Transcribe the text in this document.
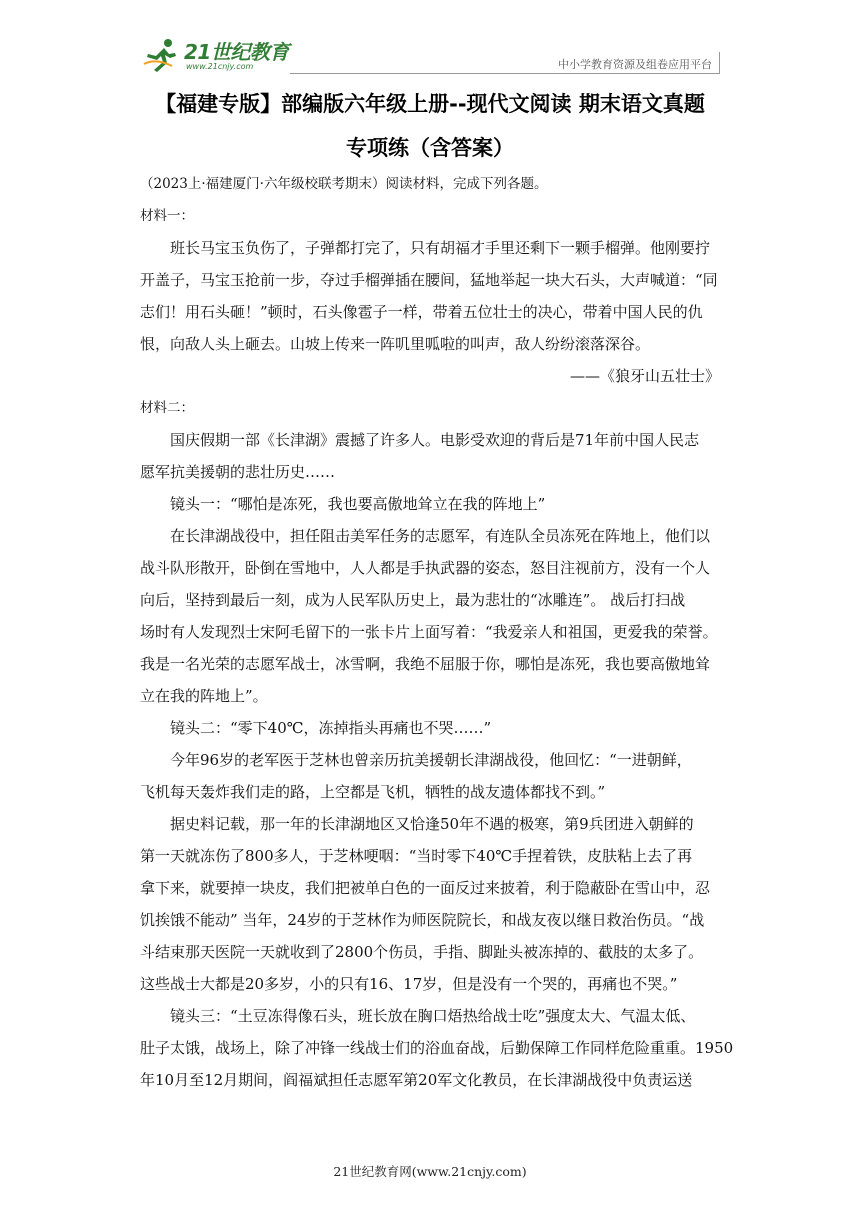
21世纪教育
www.21cnjy.com	中小学教育资源及组卷应用平台
【福建专版】部编版六年级上册--现代文阅读 期末语文真题
专项练（含答案）
（2023上·福建厦门·六年级校联考期末）阅读材料，完成下列各题。
材料一：
班长马宝玉负伤了，子弹都打完了，只有胡福才手里还剩下一颗手榴弹。他刚要拧
开盖子，马宝玉抢前一步，夺过手榴弹插在腰间，猛地举起一块大石头，大声喊道：“同
志们！用石头砸！”顿时，石头像雹子一样，带着五位壮士的决心，带着中国人民的仇
恨，向敌人头上砸去。山坡上传来一阵叽里呱啦的叫声，敌人纷纷滚落深谷。
——《狼牙山五壮士》
材料二：
国庆假期一部《长津湖》震撼了许多人。电影受欢迎的背后是71年前中国人民志
愿军抗美援朝的悲壮历史……
镜头一：“哪怕是冻死，我也要高傲地耸立在我的阵地上”
在长津湖战役中，担任阻击美军任务的志愿军，有连队全员冻死在阵地上，他们以
战斗队形散开，卧倒在雪地中，人人都是手执武器的姿态，怒目注视前方，没有一个人
向后，坚持到最后一刻，成为人民军队历史上，最为悲壮的“冰雕连”。 战后打扫战
场时有人发现烈士宋阿毛留下的一张卡片上面写着：“我爱亲人和祖国，更爱我的荣誉。
我是一名光荣的志愿军战士，冰雪啊，我绝不屈服于你，哪怕是冻死，我也要高傲地耸
立在我的阵地上”。
镜头二：“零下40℃，冻掉指头再痛也不哭……”
今年96岁的老军医于芝林也曾亲历抗美援朝长津湖战役，他回忆：“一进朝鲜，
飞机每天轰炸我们走的路，上空都是飞机，牺牲的战友遗体都找不到。”
据史料记载，那一年的长津湖地区又恰逢50年不遇的极寒，第9兵团进入朝鲜的
第一天就冻伤了800多人，于芝林哽咽：“当时零下40℃手捏着铁，皮肤粘上去了再
拿下来，就要掉一块皮，我们把被单白色的一面反过来披着，利于隐蔽卧在雪山中，忍
饥挨饿不能动” 当年，24岁的于芝林作为师医院院长，和战友夜以继日救治伤员。“战
斗结束那天医院一天就收到了2800个伤员，手指、脚趾头被冻掉的、截肢的太多了。
这些战士大都是20多岁，小的只有16、17岁，但是没有一个哭的，再痛也不哭。”
镜头三：“土豆冻得像石头，班长放在胸口焐热给战士吃”强度太大、气温太低、
肚子太饿，战场上，除了冲锋一线战士们的浴血奋战，后勤保障工作同样危险重重。1950
年10月至12月期间，阎福斌担任志愿军第20军文化教员，在长津湖战役中负责运送
21世纪教育网(www.21cnjy.com)
